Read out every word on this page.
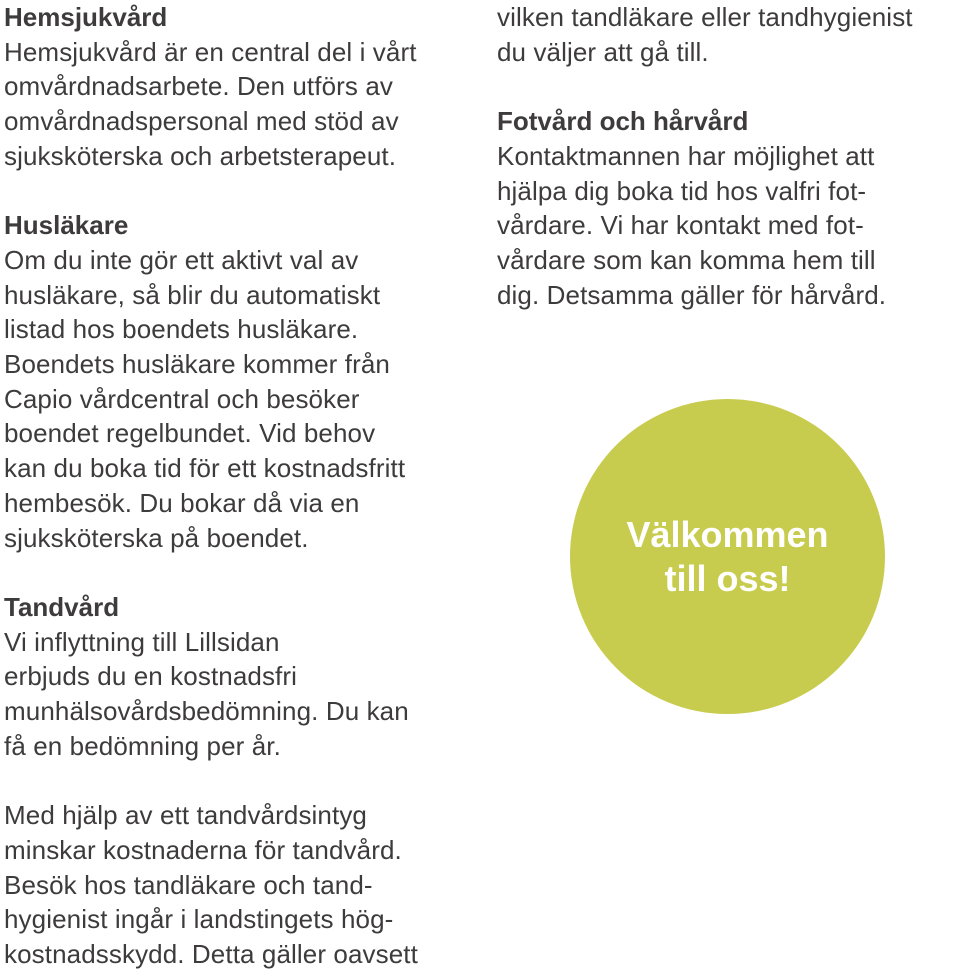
Hemsjukvård
Hemsjukvård är en central del i vårt
omvårdnadsarbete. Den utförs av
omvårdnadspersonal med stöd av
sjuksköterska och arbetsterapeut.
Husläkare
Om du inte gör ett aktivt val av
husläkare, så blir du automatiskt
listad hos boendets husläkare.
Boendets husläkare kommer från
Capio vårdcentral och besöker
boendet regelbundet. Vid behov
kan du boka tid för ett kostnadsfritt
hembesök. Du bokar då via en
sjuksköterska på boendet.
Tandvård
Vi inflyttning till Lillsidan
erbjuds du en kostnadsfri
munhälsovårdsbedömning. Du kan
få en bedömning per år.
Med hjälp av ett tandvårdsintyg
minskar kostnaderna för tandvård.
Besök hos tandläkare och tand-
hygienist ingår i landstingets hög-
kostnadsskydd. Detta gäller oavsett
vilken tandläkare eller tandhygienist
du väljer att gå till.
Fotvård och hårvård
Kontaktmannen har möjlighet att
hjälpa dig boka tid hos valfri fot-
vårdare. Vi har kontakt med fot-
vårdare som kan komma hem till
dig. Detsamma gäller för hårvård.
Välkommen
till oss!
